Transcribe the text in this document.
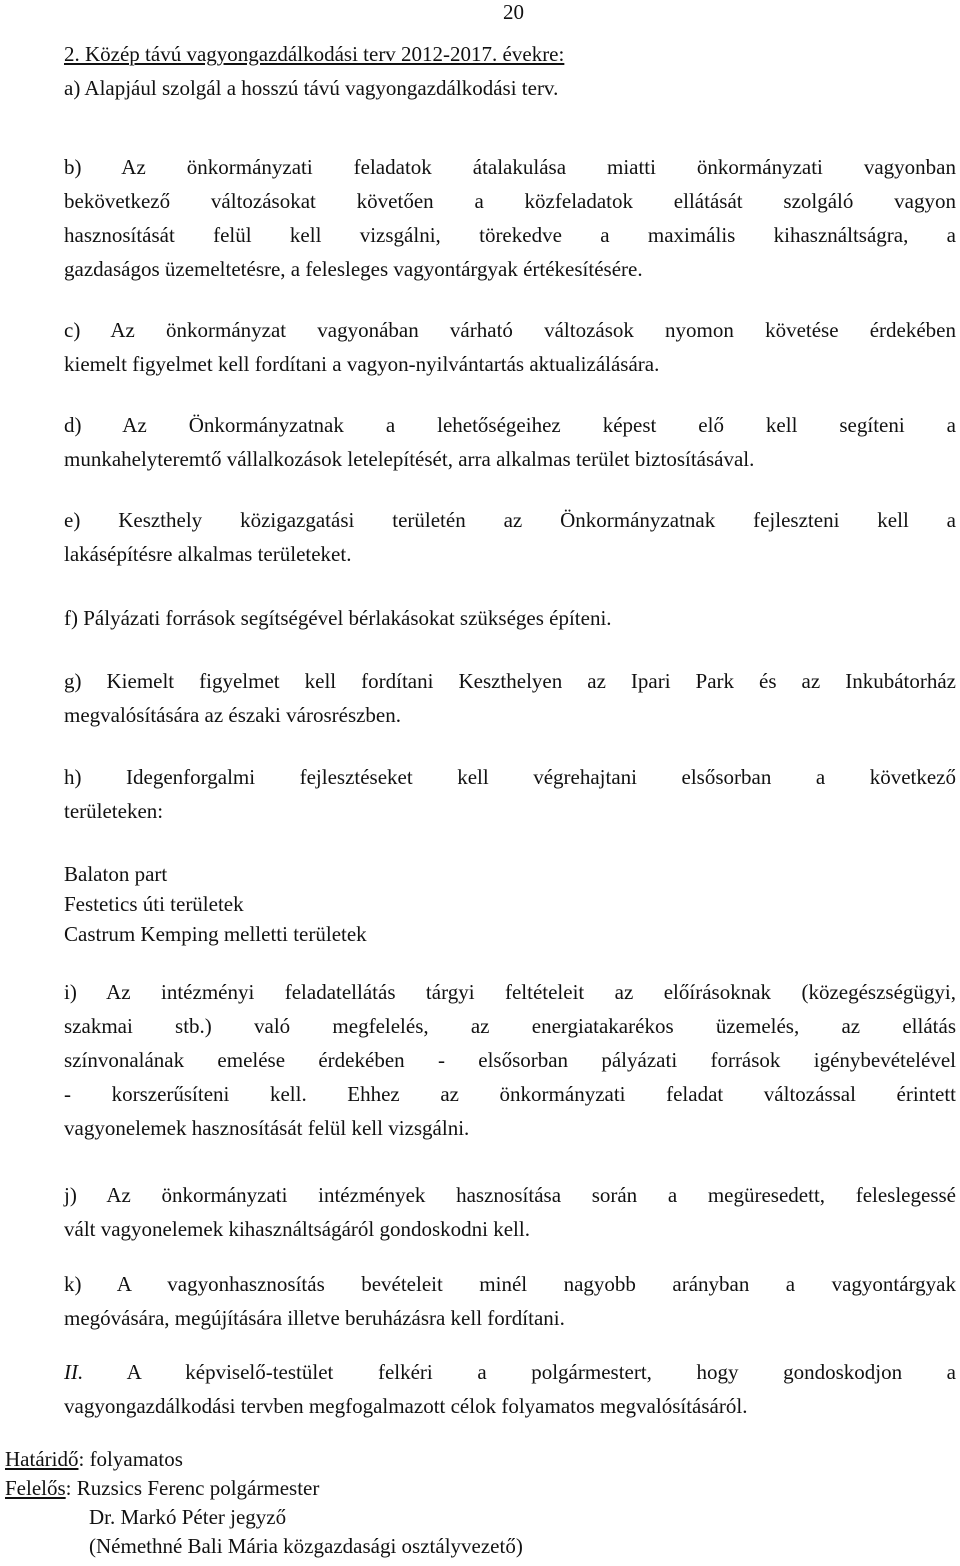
20
2. Közép távú vagyongazdálkodási terv 2012-2017. évekre:
a) Alapjául szolgál a hosszú távú vagyongazdálkodási terv.
b) Az önkormányzati feladatok átalakulása miatti önkormányzati vagyonban
bekövetkező változásokat követően a közfeladatok ellátását szolgáló vagyon
hasznosítását felül kell vizsgálni, törekedve a maximális kihasználtságra, a
gazdaságos üzemeltetésre, a felesleges vagyontárgyak értékesítésére.
c) Az önkormányzat vagyonában várható változások nyomon követése érdekében
kiemelt figyelmet kell fordítani a vagyon-nyilvántartás aktualizálására.
d) Az Önkormányzatnak a lehetőségeihez képest elő kell segíteni a
munkahelyteremtő vállalkozások letelepítését, arra alkalmas terület biztosításával.
e) Keszthely közigazgatási területén az Önkormányzatnak fejleszteni kell a
lakásépítésre alkalmas területeket.
f) Pályázati források segítségével bérlakásokat szükséges építeni.
g) Kiemelt figyelmet kell fordítani Keszthelyen az Ipari Park és az Inkubátorház
megvalósítására az északi városrészben.
h) Idegenforgalmi fejlesztéseket kell végrehajtani elsősorban a következő
területeken:
Balaton part
Festetics úti területek
Castrum Kemping melletti területek
i) Az intézményi feladatellátás tárgyi feltételeit az előírásoknak (közegészségügyi,
szakmai stb.) való megfelelés, az energiatakarékos üzemelés, az ellátás
színvonalának emelése érdekében - elsősorban pályázati források igénybevételével
- korszerűsíteni kell. Ehhez az önkormányzati feladat változással érintett
vagyonelemek hasznosítását felül kell vizsgálni.
j) Az önkormányzati intézmények hasznosítása során a megüresedett, feleslegessé
vált vagyonelemek kihasználtságáról gondoskodni kell.
k) A vagyonhasznosítás bevételeit minél nagyobb arányban a vagyontárgyak
megóvására, megújítására illetve beruházásra kell fordítani.
II. A képviselő-testület felkéri a polgármestert, hogy gondoskodjon a
vagyongazdálkodási tervben megfogalmazott célok folyamatos megvalósításáról.
Határidő: folyamatos
Felelős: Ruzsics Ferenc polgármester
Dr. Markó Péter jegyző
(Némethné Bali Mária közgazdasági osztályvezető)
